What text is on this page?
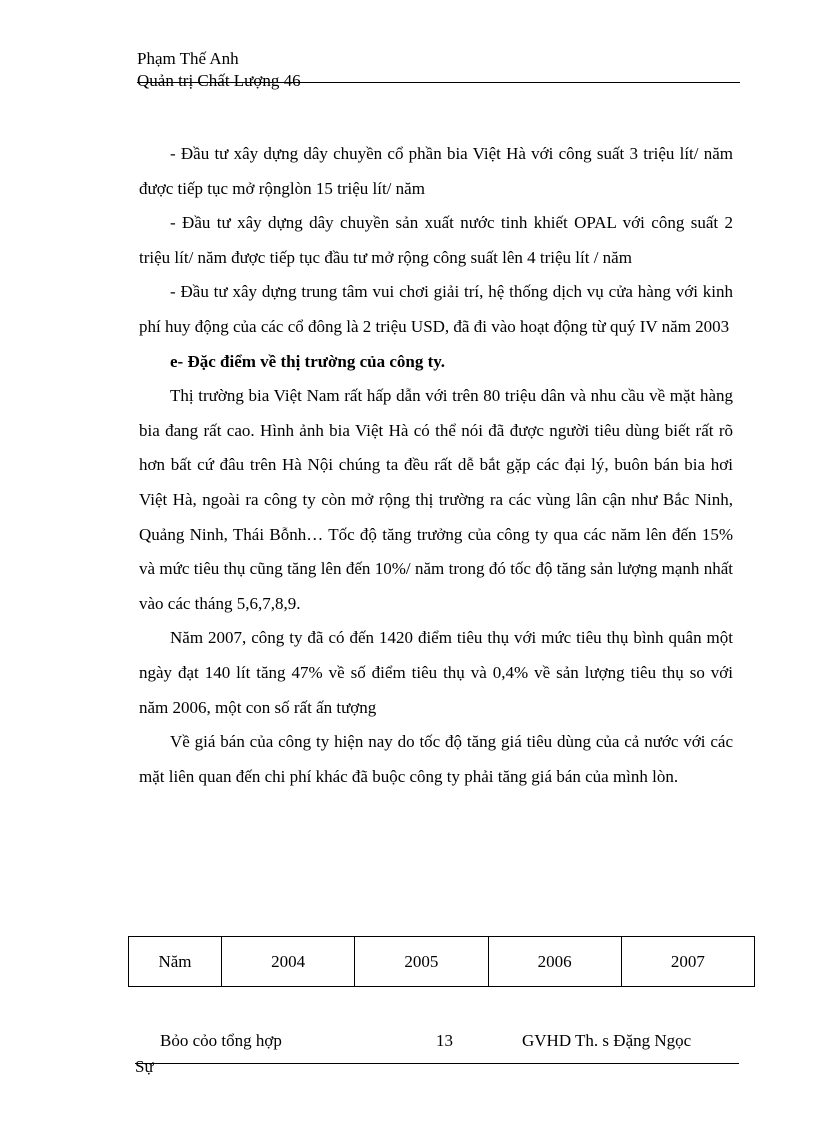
Phạm Thế Anh
Quản trị Chất Lượng 46

- Đầu tư xây dựng dây chuyền cổ phần bia Việt Hà với công suất 3 triệu lít/ năm được tiếp tục mở rộnglòn 15 triệu lít/ năm

- Đầu tư xây dựng dây chuyền sản xuất nước tinh khiết OPAL với công suất 2 triệu lít/ năm được tiếp tục đầu tư mở rộng công suất lên 4 triệu lít / năm

- Đầu tư xây dựng trung tâm vui chơi giải trí, hệ thống dịch vụ cửa hàng với kinh phí huy động của các cổ đông là 2 triệu USD, đã đi vào hoạt động từ quý IV năm 2003

e- Đặc điểm về thị trường của công ty.

Thị trường bia Việt Nam rất hấp dẫn với trên 80 triệu dân và nhu cầu về mặt hàng bia đang rất cao. Hình ảnh bia Việt Hà có thể nói đã được người tiêu dùng biết rất rõ hơn bất cứ đâu trên Hà Nội chúng ta đều rất dễ bắt gặp các đại lý, buôn bán bia hơi Việt Hà, ngoài ra công ty còn mở rộng thị trường ra các vùng lân cận như Bắc Ninh, Quảng Ninh, Thái Bỗnh… Tốc độ tăng trưởng của công ty qua các năm lên đến 15% và mức tiêu thụ cũng tăng lên đến 10%/ năm trong đó tốc độ tăng sản lượng mạnh nhất vào các tháng 5,6,7,8,9.

Năm 2007, công ty đã có đến 1420 điểm tiêu thụ với mức tiêu thụ bình quân một ngày đạt 140 lít tăng 47% về số điểm tiêu thụ và 0,4% về sản lượng tiêu thụ so với năm 2006, một con số rất ấn tượng

Về giá bán của công ty hiện nay do tốc độ tăng giá tiêu dùng của cả nước với các mặt liên quan đến chi phí khác đã buộc công ty phải tăng giá bán của mình lòn.

Năm	2004	2005	2006	2007
Bỏo cỏo tổng hợp	13	GVHD Th. s Đặng Ngọc
Sự
